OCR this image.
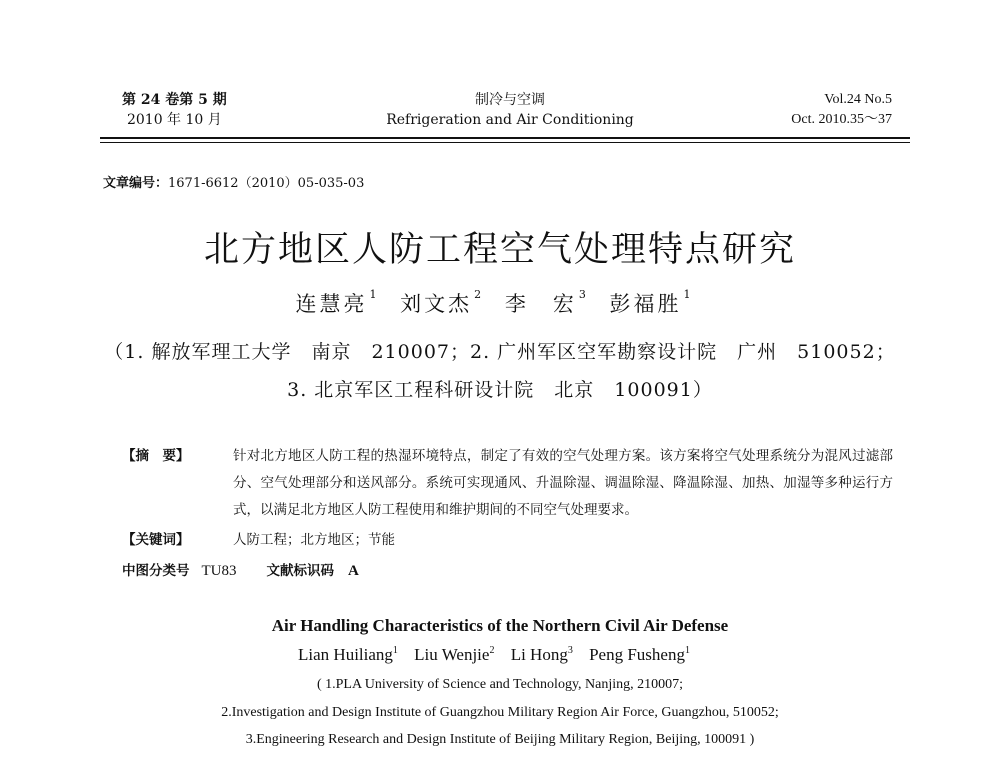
第 24 卷第 5 期
2010 年 10 月
制冷与空调
Refrigeration and Air Conditioning
Vol.24 No.5
Oct. 2010.35～37
文章编号：1671-6612（2010）05-035-03
北方地区人防工程空气处理特点研究
连慧亮 $^1$ 刘文杰 $^2$ 李　宏 $^3$ 彭福胜 $^1$
（1. 解放军理工大学　南京　210007；2. 广州军区空军勘察设计院　广州　510052；
3. 北京军区工程科研设计院　北京　100091）
【摘　要】	针对北方地区人防工程的热湿环境特点，制定了有效的空气处理方案。该方案将空气处理系统分为混风过滤部分、空气处理部分和送风部分。系统可实现通风、升温除湿、调温除湿、降温除湿、加热、加湿等多种运行方式，以满足北方地区人防工程使用和维护期间的不同空气处理要求。
【关键词】	人防工程；北方地区；节能
中图分类号 TU83 文献标识码 A
Air Handling Characteristics of the Northern Civil Air Defense
Lian Huiliang$^1$ Liu Wenjie$^2$ Li Hong$^3$ Peng Fusheng$^1$
( 1.PLA University of Science and Technology, Nanjing, 210007;
2.Investigation and Design Institute of Guangzhou Military Region Air Force, Guangzhou, 510052;
3.Engineering Research and Design Institute of Beijing Military Region, Beijing, 100091 )
